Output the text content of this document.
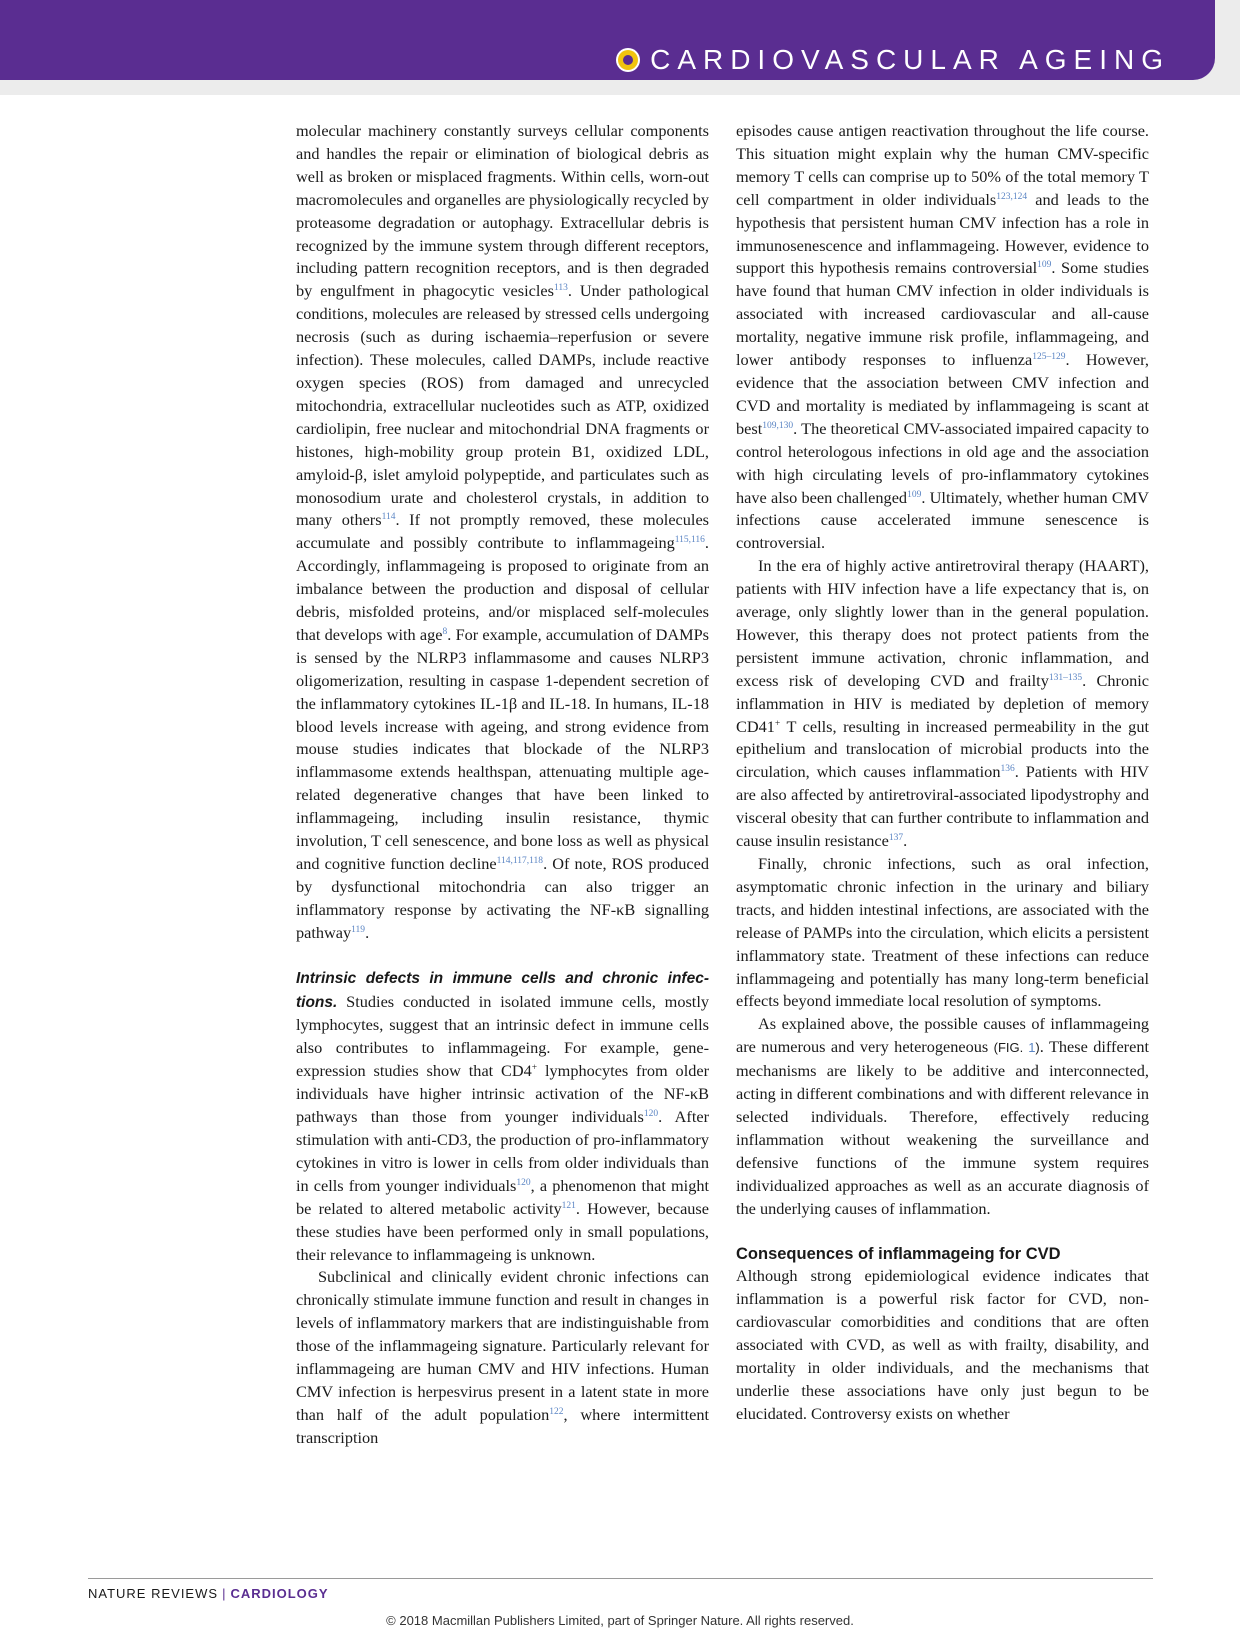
CARDIOVASCULAR AGEING

molecular machinery constantly surveys cellular components and handles the repair or elimination of biological debris as well as broken or misplaced fragments. Within cells, worn-out macromolecules and organelles are physiologically recycled by proteasome degradation or autophagy. Extracellular debris is recognized by the immune system through different receptors, including pattern recognition receptors, and is then degraded by engulfment in phagocytic vesicles$^{113}$. Under pathological conditions, molecules are released by stressed cells undergoing necrosis (such as during ischaemia–reperfusion or severe infection). These molecules, called DAMPs, include reactive oxygen species (ROS) from damaged and unrecycled mitochondria, extracellular nucleotides such as ATP, oxidized cardiolipin, free nuclear and mitochondrial DNA fragments or histones, high-mobility group protein B1, oxidized LDL, amyloid-β, islet amyloid polypeptide, and particulates such as monosodium urate and cholesterol crystals, in addition to many others$^{114}$. If not promptly removed, these molecules accumulate and possibly contribute to inflammageing$^{115,116}$. Accordingly, inflammageing is proposed to originate from an imbalance between the production and disposal of cellular debris, misfolded proteins, and/or misplaced self-molecules that develops with age$^8$. For example, accumulation of DAMPs is sensed by the NLRP3 inflammasome and causes NLRP3 oligomerization, resulting in caspase 1-dependent secretion of the inflammatory cytokines IL-1β and IL-18. In humans, IL-18 blood levels increase with ageing, and strong evidence from mouse studies indicates that blockade of the NLRP3 inflammasome extends healthspan, attenuating multiple age-related degenerative changes that have been linked to inflammageing, including insulin resistance, thymic involution, T cell senescence, and bone loss as well as physical and cognitive function decline$^{114,117,118}$. Of note, ROS produced by dysfunctional mitochondria can also trigger an inflammatory response by activating the NF-κB signalling pathway$^{119}$.

Intrinsic defects in immune cells and chronic infections. Studies conducted in isolated immune cells, mostly lymphocytes, suggest that an intrinsic defect in immune cells also contributes to inflammageing. For example, gene-expression studies show that CD4+ lymphocytes from older individuals have higher intrinsic activation of the NF-κB pathways than those from younger individuals$^{120}$. After stimulation with anti-CD3, the production of pro-inflammatory cytokines in vitro is lower in cells from older individuals than in cells from younger individuals$^{120}$, a phenomenon that might be related to altered metabolic activity$^{121}$. However, because these studies have been performed only in small populations, their relevance to inflammageing is unknown.

Subclinical and clinically evident chronic infections can chronically stimulate immune function and result in changes in levels of inflammatory markers that are indistinguishable from those of the inflammageing signature. Particularly relevant for inflammageing are human CMV and HIV infections. Human CMV infection is herpesvirus present in a latent state in more than half of the adult population$^{122}$, where intermittent transcription

episodes cause antigen reactivation throughout the life course. This situation might explain why the human CMV-specific memory T cells can comprise up to 50% of the total memory T cell compartment in older individuals$^{123,124}$ and leads to the hypothesis that persistent human CMV infection has a role in immunosenescence and inflammageing. However, evidence to support this hypothesis remains controversial$^{109}$. Some studies have found that human CMV infection in older individuals is associated with increased cardiovascular and all-cause mortality, negative immune risk profile, inflammageing, and lower antibody responses to influenza$^{125-129}$. However, evidence that the association between CMV infection and CVD and mortality is mediated by inflammageing is scant at best$^{109,130}$. The theoretical CMV-associated impaired capacity to control heterologous infections in old age and the association with high circulating levels of pro-inflammatory cytokines have also been challenged$^{109}$. Ultimately, whether human CMV infections cause accelerated immune senescence is controversial.

In the era of highly active antiretroviral therapy (HAART), patients with HIV infection have a life expectancy that is, on average, only slightly lower than in the general population. However, this therapy does not protect patients from the persistent immune activation, chronic inflammation, and excess risk of developing CVD and frailty$^{131-135}$. Chronic inflammation in HIV is mediated by depletion of memory CD41+ T cells, resulting in increased permeability in the gut epithelium and translocation of microbial products into the circulation, which causes inflammation$^{136}$. Patients with HIV are also affected by antiretroviral-associated lipodystrophy and visceral obesity that can further contribute to inflammation and cause insulin resistance$^{137}$.

Finally, chronic infections, such as oral infection, asymptomatic chronic infection in the urinary and biliary tracts, and hidden intestinal infections, are associated with the release of PAMPs into the circulation, which elicits a persistent inflammatory state. Treatment of these infections can reduce inflammageing and potentially has many long-term beneficial effects beyond immediate local resolution of symptoms.

As explained above, the possible causes of inflammageing are numerous and very heterogeneous (FIG. 1). These different mechanisms are likely to be additive and interconnected, acting in different combinations and with different relevance in selected individuals. Therefore, effectively reducing inflammation without weakening the surveillance and defensive functions of the immune system requires individualized approaches as well as an accurate diagnosis of the underlying causes of inflammation.

Consequences of inflammageing for CVD

Although strong epidemiological evidence indicates that inflammation is a powerful risk factor for CVD, non-cardiovascular comorbidities and conditions that are often associated with CVD, as well as with frailty, disability, and mortality in older individuals, and the mechanisms that underlie these associations have only just begun to be elucidated. Controversy exists on whether

NATURE REVIEWS | CARDIOLOGY
© 2018 Macmillan Publishers Limited, part of Springer Nature. All rights reserved.
